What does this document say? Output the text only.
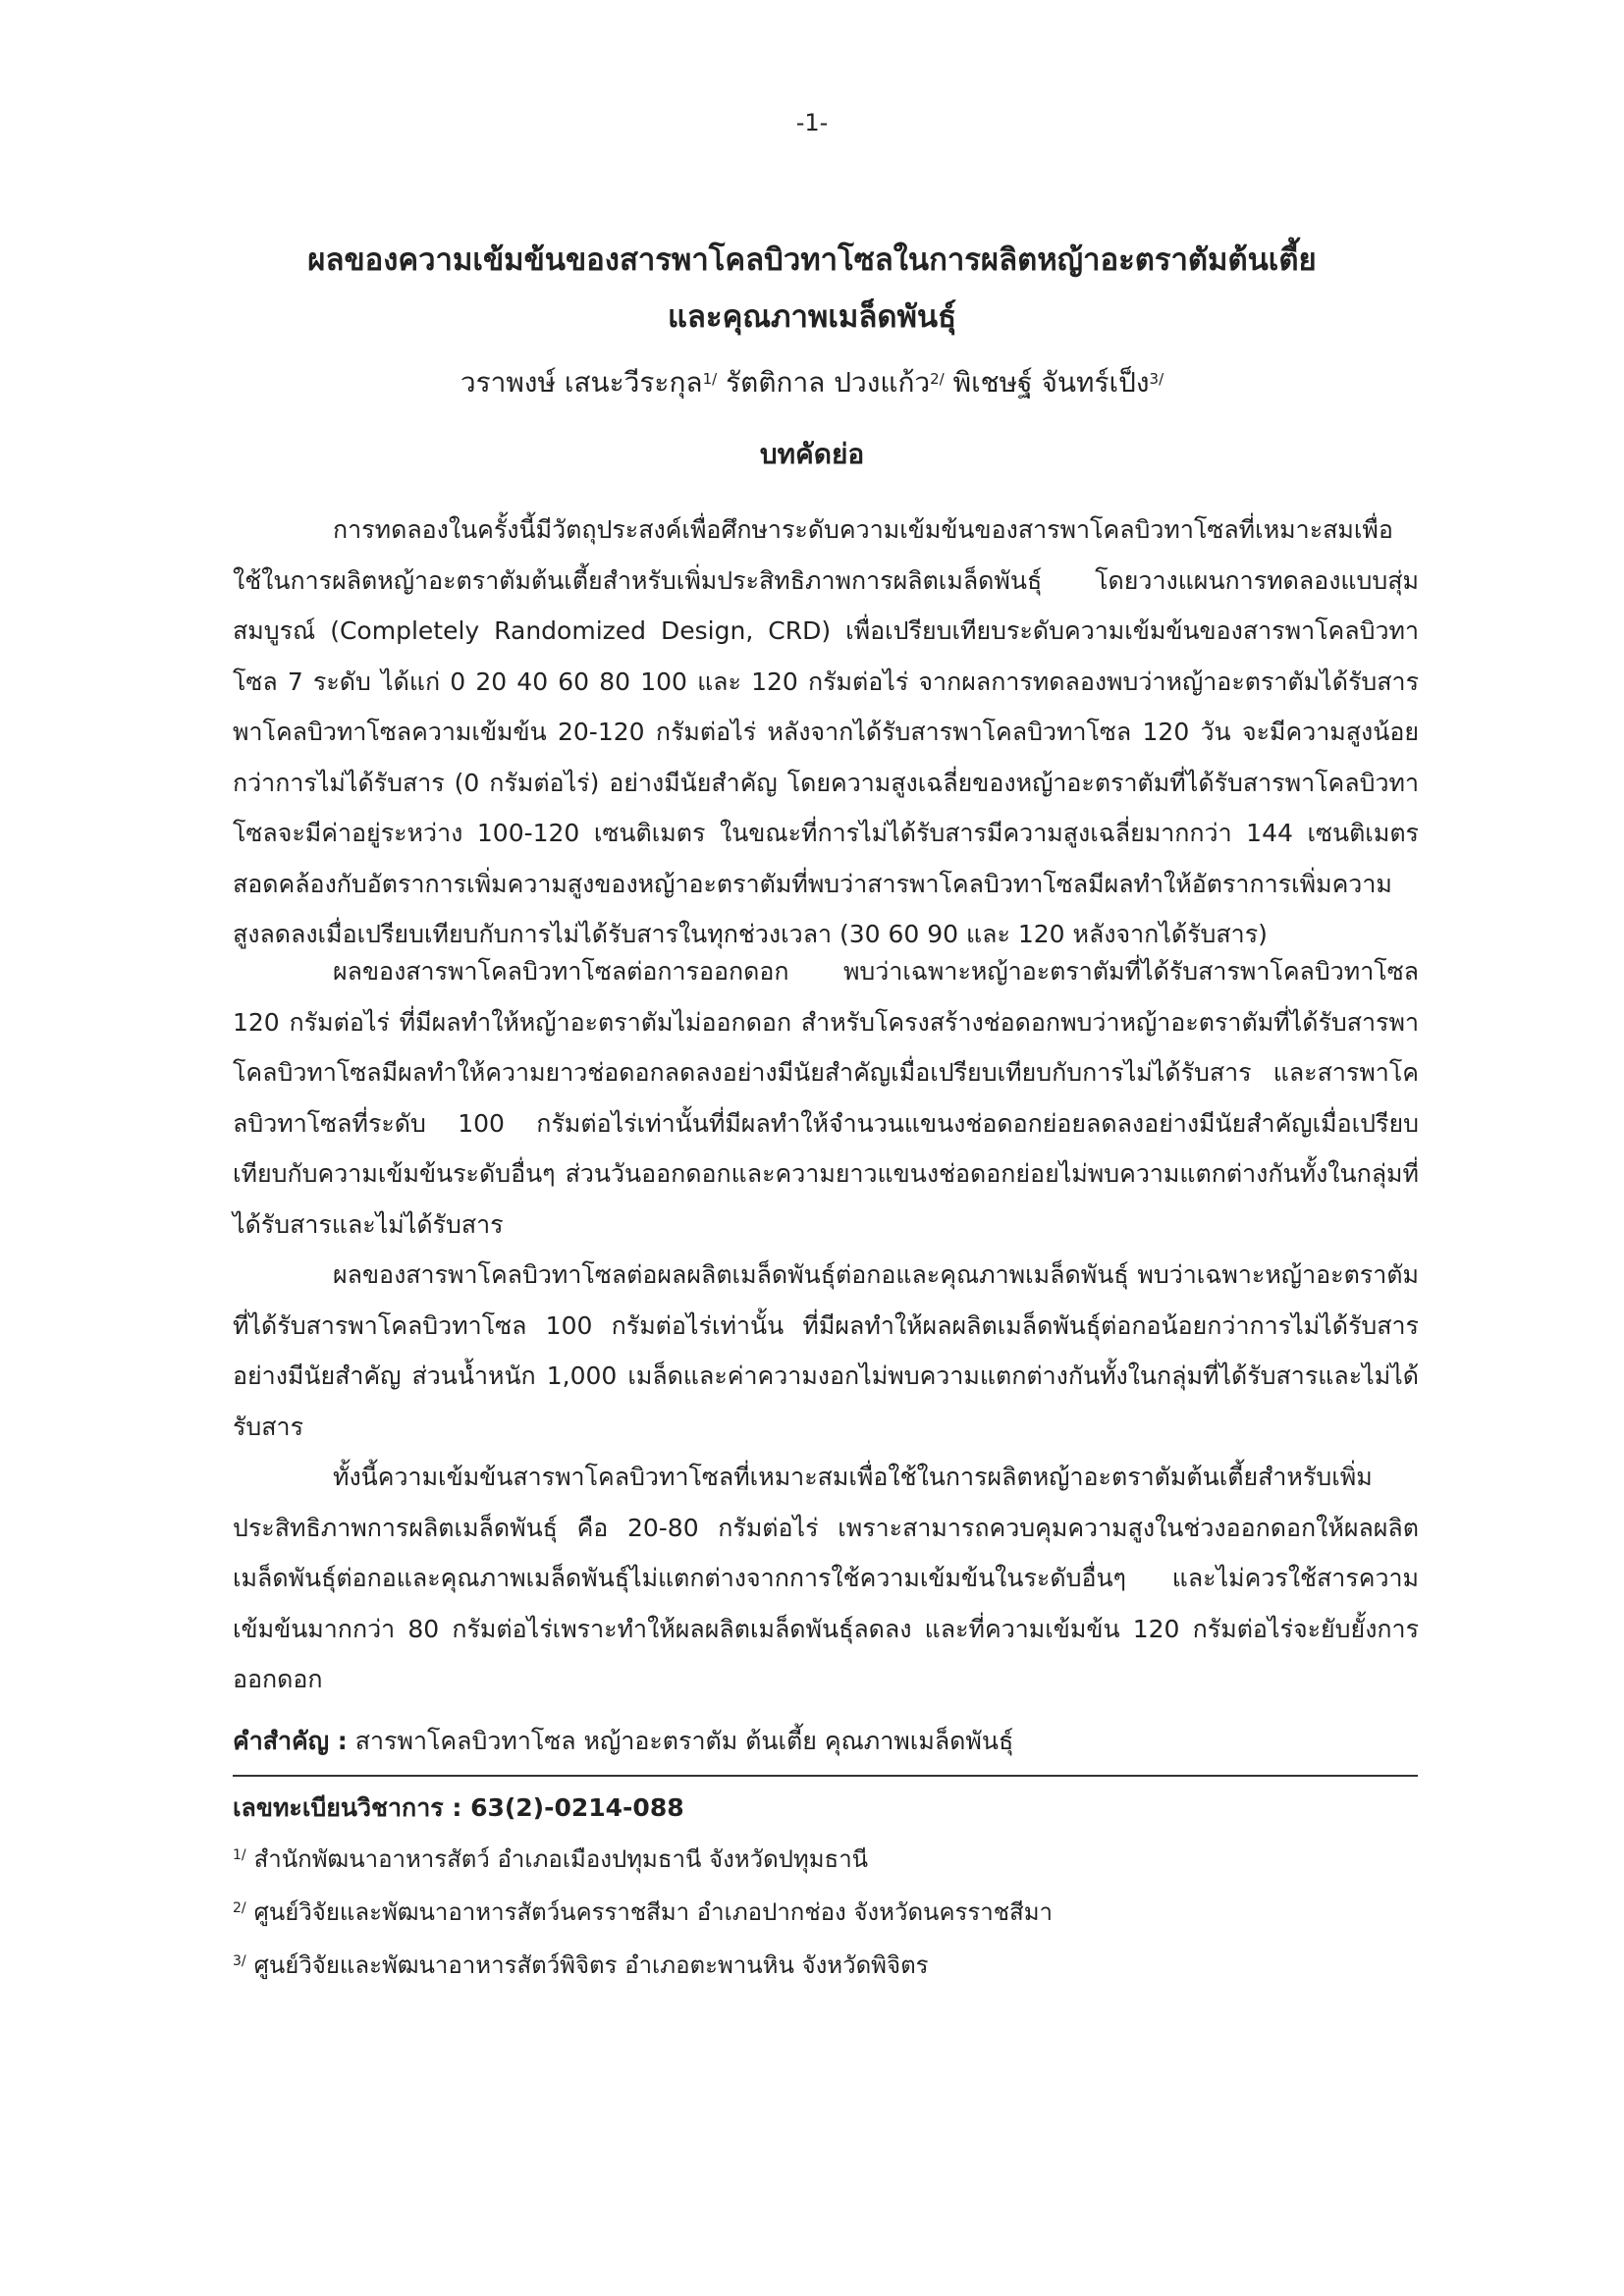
-1-
ผลของความเข้มข้นของสารพาโคลบิวทาโซลในการผลิตหญ้าอะตราตัมต้นเตี้ย
และคุณภาพเมล็ดพันธุ์
วราพงษ์ เสนะวีระกุล$^{1/}$ รัตติกาล ปวงแก้ว$^{2/}$ พิเชษฐ์ จันทร์เป็ง$^{3/}$
บทคัดย่อ

การทดลองในครั้งนี้มีวัตถุประสงค์เพื่อศึกษาระดับความเข้มข้นของสารพาโคลบิวทาโซลที่เหมาะสมเพื่อใช้ในการผลิตหญ้าอะตราตัมต้นเตี้ยสำหรับเพิ่มประสิทธิภาพการผลิตเมล็ดพันธุ์ โดยวางแผนการทดลองแบบสุ่มสมบูรณ์ (Completely Randomized Design, CRD) เพื่อเปรียบเทียบระดับความเข้มข้นของสารพาโคลบิวทาโซล 7 ระดับ ได้แก่ 0 20 40 60 80 100 และ 120 กรัมต่อไร่ จากผลการทดลองพบว่าหญ้าอะตราตัมได้รับสารพาโคลบิวทาโซลความเข้มข้น 20-120 กรัมต่อไร่ หลังจากได้รับสารพาโคลบิวทาโซล 120 วัน จะมีความสูงน้อยกว่าการไม่ได้รับสาร (0 กรัมต่อไร่) อย่างมีนัยสำคัญ โดยความสูงเฉลี่ยของหญ้าอะตราตัมที่ได้รับสารพาโคลบิวทาโซลจะมีค่าอยู่ระหว่าง 100-120 เซนติเมตร ในขณะที่การไม่ได้รับสารมีความสูงเฉลี่ยมากกว่า 144 เซนติเมตร สอดคล้องกับอัตราการเพิ่มความสูงของหญ้าอะตราตัมที่พบว่าสารพาโคลบิวทาโซลมีผลทำให้อัตราการเพิ่มความสูงลดลงเมื่อเปรียบเทียบกับการไม่ได้รับสารในทุกช่วงเวลา (30 60 90 และ 120 หลังจากได้รับสาร)

ผลของสารพาโคลบิวทาโซลต่อการออกดอก พบว่าเฉพาะหญ้าอะตราตัมที่ได้รับสารพาโคลบิวทาโซล 120 กรัมต่อไร่ ที่มีผลทำให้หญ้าอะตราตัมไม่ออกดอก สำหรับโครงสร้างช่อดอกพบว่าหญ้าอะตราตัมที่ได้รับสารพาโคลบิวทาโซลมีผลทำให้ความยาวช่อดอกลดลงอย่างมีนัยสำคัญเมื่อเปรียบเทียบกับการไม่ได้รับสาร และสารพาโคลบิวทาโซลที่ระดับ 100 กรัมต่อไร่เท่านั้นที่มีผลทำให้จำนวนแขนงช่อดอกย่อยลดลงอย่างมีนัยสำคัญเมื่อเปรียบเทียบกับความเข้มข้นระดับอื่นๆ ส่วนวันออกดอกและความยาวแขนงช่อดอกย่อยไม่พบความแตกต่างกันทั้งในกลุ่มที่ได้รับสารและไม่ได้รับสาร

ผลของสารพาโคลบิวทาโซลต่อผลผลิตเมล็ดพันธุ์ต่อกอและคุณภาพเมล็ดพันธุ์ พบว่าเฉพาะหญ้าอะตราตัมที่ได้รับสารพาโคลบิวทาโซล 100 กรัมต่อไร่เท่านั้น ที่มีผลทำให้ผลผลิตเมล็ดพันธุ์ต่อกอน้อยกว่าการไม่ได้รับสารอย่างมีนัยสำคัญ ส่วนน้ำหนัก 1,000 เมล็ดและค่าความงอกไม่พบความแตกต่างกันทั้งในกลุ่มที่ได้รับสารและไม่ได้รับสาร

ทั้งนี้ความเข้มข้นสารพาโคลบิวทาโซลที่เหมาะสมเพื่อใช้ในการผลิตหญ้าอะตราตัมต้นเตี้ยสำหรับเพิ่มประสิทธิภาพการผลิตเมล็ดพันธุ์ คือ 20-80 กรัมต่อไร่ เพราะสามารถควบคุมความสูงในช่วงออกดอกให้ผลผลิตเมล็ดพันธุ์ต่อกอและคุณภาพเมล็ดพันธุ์ไม่แตกต่างจากการใช้ความเข้มข้นในระดับอื่นๆ และไม่ควรใช้สารความเข้มข้นมากกว่า 80 กรัมต่อไร่เพราะทำให้ผลผลิตเมล็ดพันธุ์ลดลง และที่ความเข้มข้น 120 กรัมต่อไร่จะยับยั้งการออกดอก

คำสำคัญ : สารพาโคลบิวทาโซล หญ้าอะตราตัม ต้นเตี้ย คุณภาพเมล็ดพันธุ์
เลขทะเบียนวิชาการ : 63(2)-0214-088
$^{1/}$ สำนักพัฒนาอาหารสัตว์ อำเภอเมืองปทุมธานี จังหวัดปทุมธานี
$^{2/}$ ศูนย์วิจัยและพัฒนาอาหารสัตว์นครราชสีมา อำเภอปากช่อง จังหวัดนครราชสีมา
$^{3/}$ ศูนย์วิจัยและพัฒนาอาหารสัตว์พิจิตร อำเภอตะพานหิน จังหวัดพิจิตร
